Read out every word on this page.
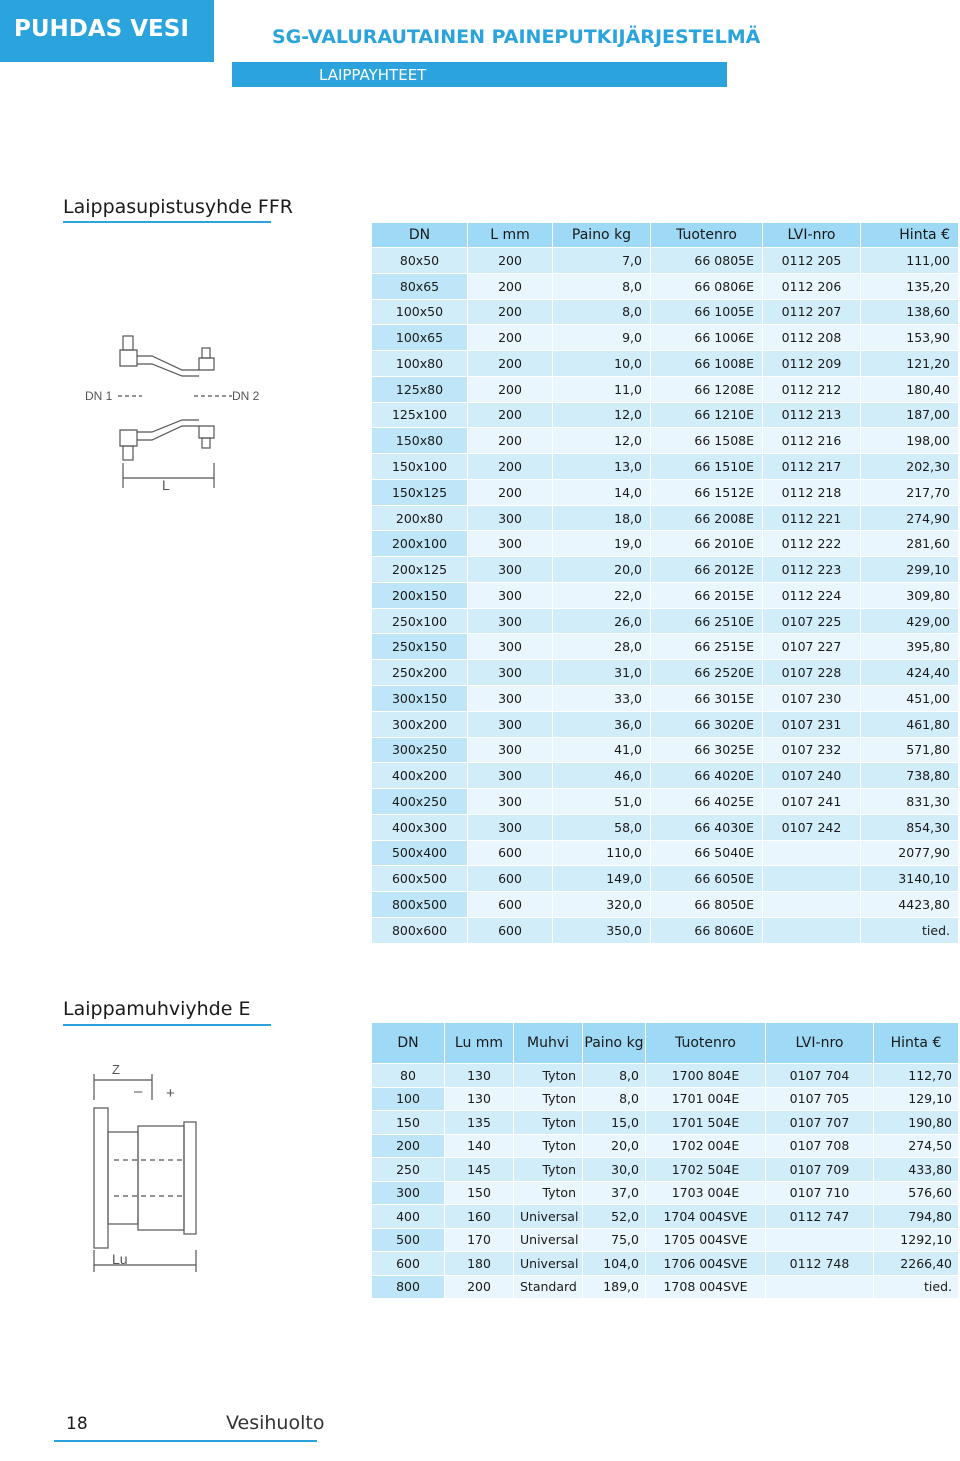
PUHDAS VESI	SG-VALURAUTAINEN PAINEPUTKIJÄRJESTELMÄ
LAIPPAYHTEET
Laippasupistusyhde FFR
DN 1	DN 2
L
DN	L mm	Paino kg	Tuotenro	LVI-nro	Hinta €
80x50	200	7,0	66 0805E	0112 205	111,00
80x65	200	8,0	66 0806E	0112 206	135,20
100x50	200	8,0	66 1005E	0112 207	138,60
100x65	200	9,0	66 1006E	0112 208	153,90
100x80	200	10,0	66 1008E	0112 209	121,20
125x80	200	11,0	66 1208E	0112 212	180,40
125x100	200	12,0	66 1210E	0112 213	187,00
150x80	200	12,0	66 1508E	0112 216	198,00
150x100	200	13,0	66 1510E	0112 217	202,30
150x125	200	14,0	66 1512E	0112 218	217,70
200x80	300	18,0	66 2008E	0112 221	274,90
200x100	300	19,0	66 2010E	0112 222	281,60
200x125	300	20,0	66 2012E	0112 223	299,10
200x150	300	22,0	66 2015E	0112 224	309,80
250x100	300	26,0	66 2510E	0107 225	429,00
250x150	300	28,0	66 2515E	0107 227	395,80
250x200	300	31,0	66 2520E	0107 228	424,40
300x150	300	33,0	66 3015E	0107 230	451,00
300x200	300	36,0	66 3020E	0107 231	461,80
300x250	300	41,0	66 3025E	0107 232	571,80
400x200	300	46,0	66 4020E	0107 240	738,80
400x250	300	51,0	66 4025E	0107 241	831,30
400x300	300	58,0	66 4030E	0107 242	854,30
500x400	600	110,0	66 5040E		2077,90
600x500	600	149,0	66 6050E		3140,10
800x500	600	320,0	66 8050E		4423,80
800x600	600	350,0	66 8060E		tied.
Laippamuhviyhde E
Z
– +
Lu
DN	Lu mm	Muhvi	Paino kg	Tuotenro	LVI-nro	Hinta €
80	130	Tyton	8,0	1700 804E	0107 704	112,70
100	130	Tyton	8,0	1701 004E	0107 705	129,10
150	135	Tyton	15,0	1701 504E	0107 707	190,80
200	140	Tyton	20,0	1702 004E	0107 708	274,50
250	145	Tyton	30,0	1702 504E	0107 709	433,80
300	150	Tyton	37,0	1703 004E	0107 710	576,60
400	160	Universal	52,0	1704 004SVE	0112 747	794,80
500	170	Universal	75,0	1705 004SVE		1292,10
600	180	Universal	104,0	1706 004SVE	0112 748	2266,40
800	200	Standard	189,0	1708 004SVE		tied.
18	Vesihuolto
